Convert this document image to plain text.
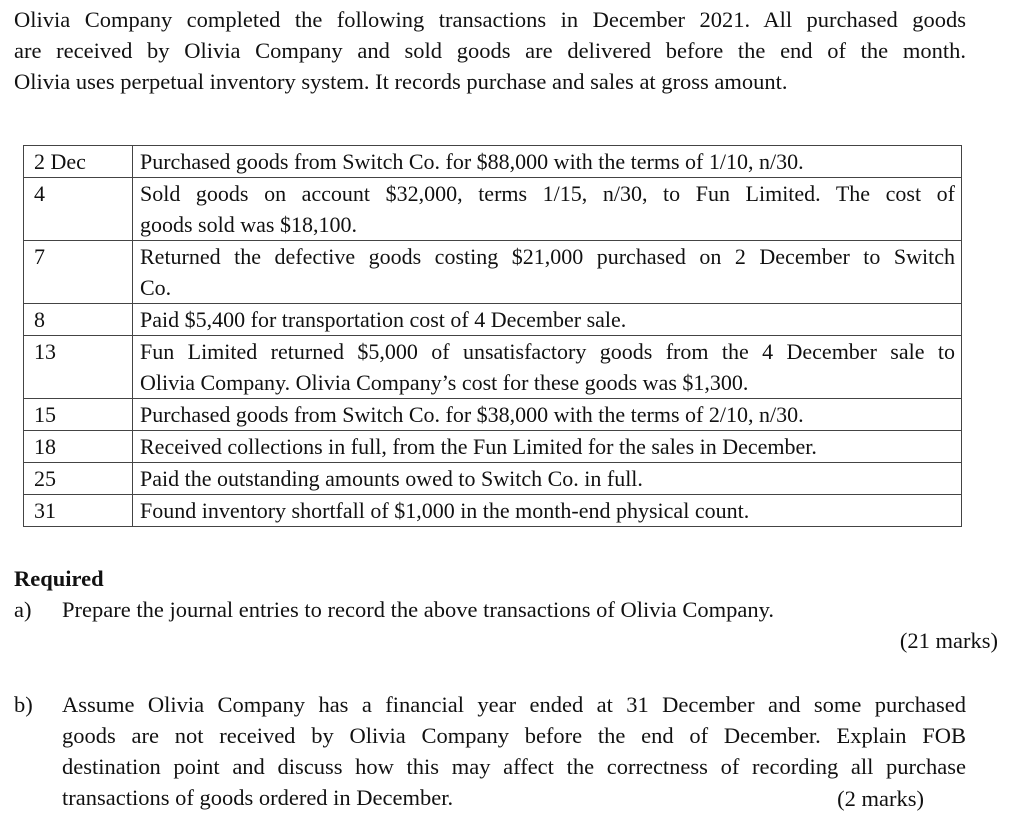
Olivia Company completed the following transactions in December 2021. All purchased goods
are received by Olivia Company and sold goods are delivered before the end of the month.
Olivia uses perpetual inventory system. It records purchase and sales at gross amount.
2 Dec	Purchased goods from Switch Co. for $88,000 with the terms of 1/10, n/30.

4	Sold goods on account $32,000, terms 1/15, n/30, to Fun Limited. The cost of
goods sold was $18,100.

7	Returned the defective goods costing $21,000 purchased on 2 December to Switch
Co.

8	Paid $5,400 for transportation cost of 4 December sale.

13	Fun Limited returned $5,000 of unsatisfactory goods from the 4 December sale to
Olivia Company. Olivia Company’s cost for these goods was $1,300.

15	Purchased goods from Switch Co. for $38,000 with the terms of 2/10, n/30.

18	Received collections in full, from the Fun Limited for the sales in December.

25	Paid the outstanding amounts owed to Switch Co. in full.

31	Found inventory shortfall of $1,000 in the month-end physical count.

Required

a) Prepare the journal entries to record the above transactions of Olivia Company.
(21 marks)
b) Assume Olivia Company has a financial year ended at 31 December and some purchased
goods are not received by Olivia Company before the end of December. Explain FOB
destination point and discuss how this may affect the correctness of recording all purchase
transactions of goods ordered in December.	(2 marks)
